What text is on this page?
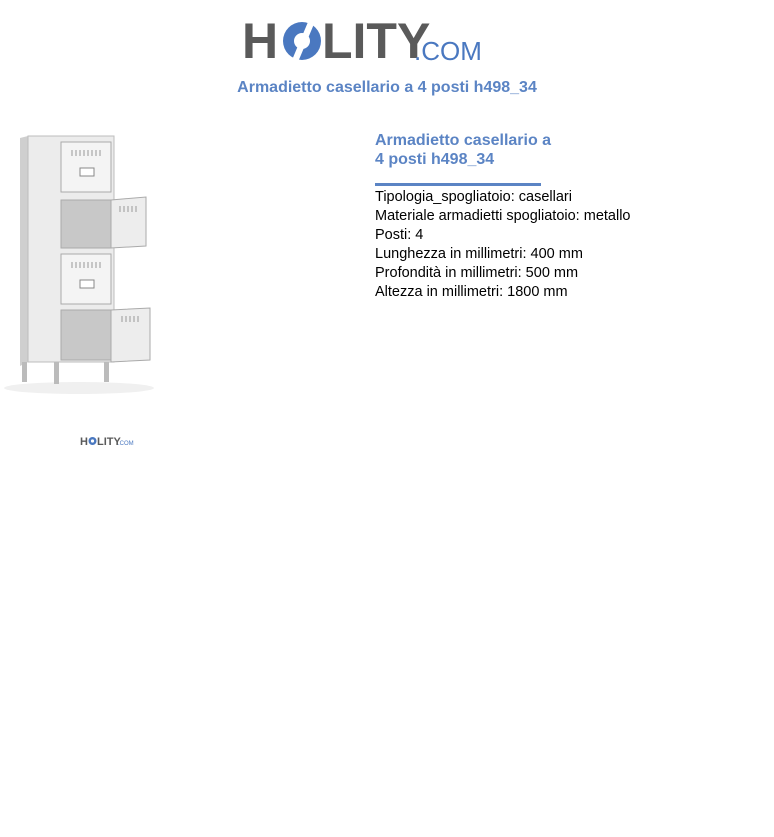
H LITY
.COM
Armadietto casellario a 4 posti h498_34
H LITY
.COM

Armadietto casellario a
4 posti h498_34

Tipologia_spogliatoio: casellari
Materiale armadietti spogliatoio: metallo
Posti: 4
Lunghezza in millimetri: 400 mm
Profondità in millimetri: 500 mm
Altezza in millimetri: 1800 mm
